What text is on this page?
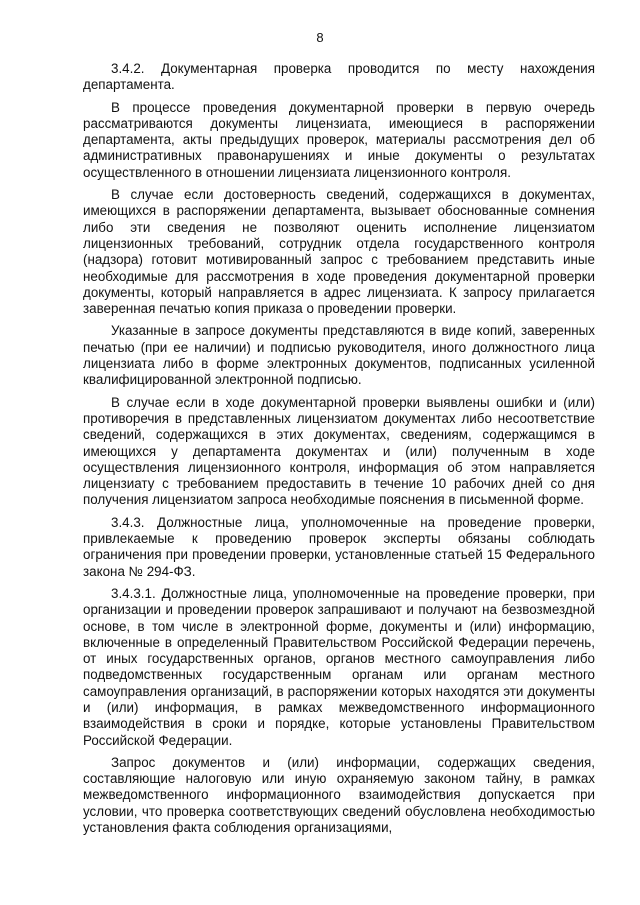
8

3.4.2. Документарная проверка проводится по месту нахождения департамента.

В процессе проведения документарной проверки в первую очередь рассматриваются документы лицензиата, имеющиеся в распоряжении департамента, акты предыдущих проверок, материалы рассмотрения дел об административных правонарушениях и иные документы о результатах осуществленного в отношении лицензиата лицензионного контроля.

В случае если достоверность сведений, содержащихся в документах, имеющихся в распоряжении департамента, вызывает обоснованные сомнения либо эти сведения не позволяют оценить исполнение лицензиатом лицензионных требований, сотрудник отдела государственного контроля (надзора) готовит мотивированный запрос с требованием представить иные необходимые для рассмотрения в ходе проведения документарной проверки документы, который направляется в адрес лицензиата. К запросу прилагается заверенная печатью копия приказа о проведении проверки.

Указанные в запросе документы представляются в виде копий, заверенных печатью (при ее наличии) и подписью руководителя, иного должностного лица лицензиата либо в форме электронных документов, подписанных усиленной квалифицированной электронной подписью.

В случае если в ходе документарной проверки выявлены ошибки и (или) противоречия в представленных лицензиатом документах либо несоответствие сведений, содержащихся в этих документах, сведениям, содержащимся в имеющихся у департамента документах и (или) полученным в ходе осуществления лицензионного контроля, информация об этом направляется лицензиату с требованием предоставить в течение 10 рабочих дней со дня получения лицензиатом запроса необходимые пояснения в письменной форме.

3.4.3. Должностные лица, уполномоченные на проведение проверки, привлекаемые к проведению проверок эксперты обязаны соблюдать ограничения при проведении проверки, установленные статьей 15 Федерального закона № 294-ФЗ.

3.4.3.1. Должностные лица, уполномоченные на проведение проверки, при организации и проведении проверок запрашивают и получают на безвозмездной основе, в том числе в электронной форме, документы и (или) информацию, включенные в определенный Правительством Российской Федерации перечень, от иных государственных органов, органов местного самоуправления либо подведомственных государственным органам или органам местного самоуправления организаций, в распоряжении которых находятся эти документы и (или) информация, в рамках межведомственного информационного взаимодействия в сроки и порядке, которые установлены Правительством Российской Федерации.

Запрос документов и (или) информации, содержащих сведения, составляющие налоговую или иную охраняемую законом тайну, в рамках межведомственного информационного взаимодействия допускается при условии, что проверка соответствующих сведений обусловлена необходимостью установления факта соблюдения организациями,
